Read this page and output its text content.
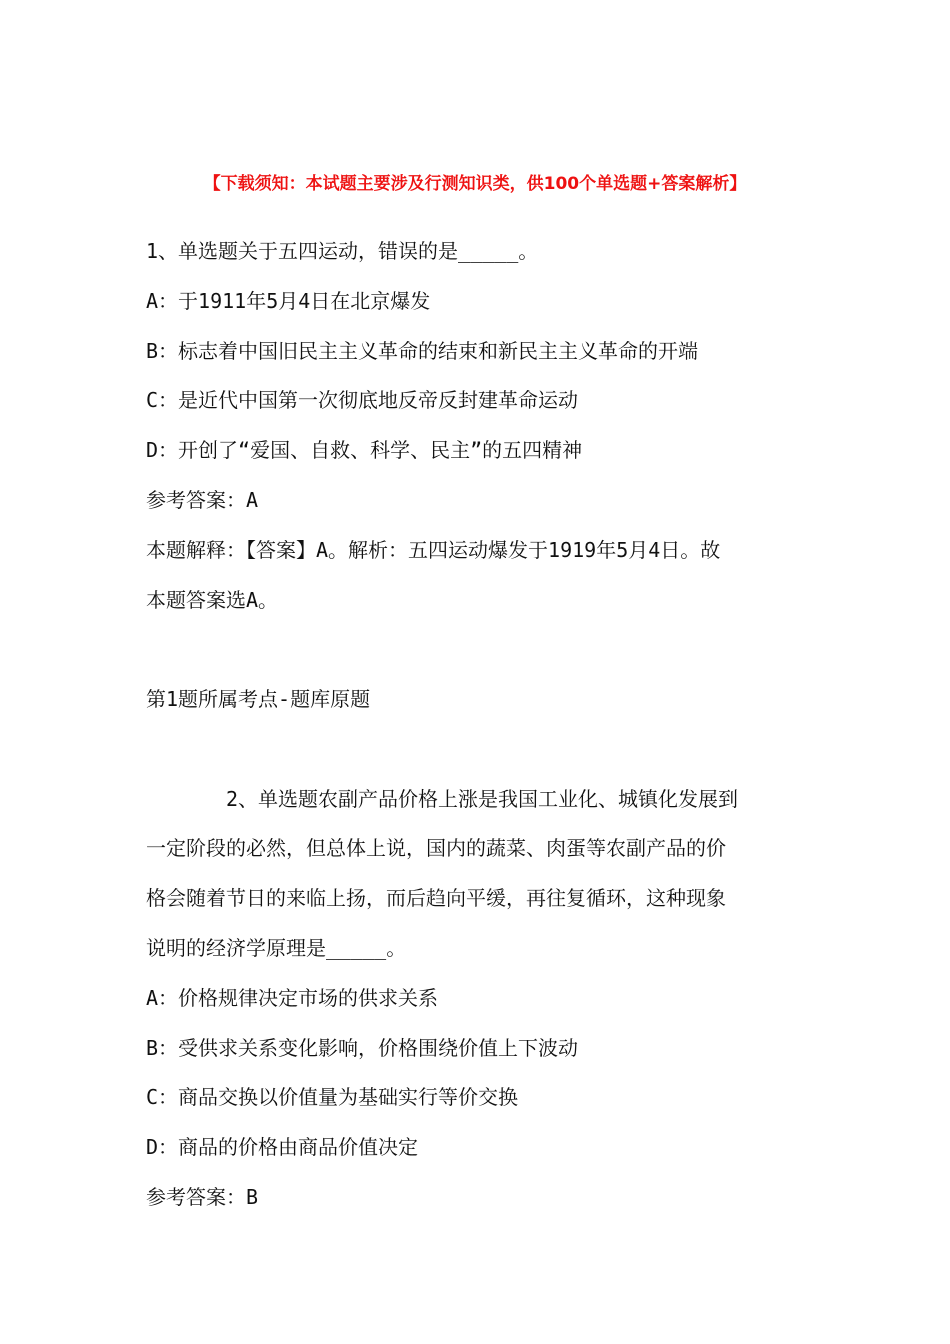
【下载须知：本试题主要涉及行测知识类，供100个单选题+答案解析】
1、单选题关于五四运动，错误的是_____。
A：于1911年5月4日在北京爆发
B：标志着中国旧民主主义革命的结束和新民主主义革命的开端
C：是近代中国第一次彻底地反帝反封建革命运动
D：开创了“爱国、自救、科学、民主”的五四精神
参考答案：A
本题解释：【答案】A。解析：五四运动爆发于1919年5月4日。故
本题答案选A。
第1题所属考点-题库原题
2、单选题农副产品价格上涨是我国工业化、城镇化发展到
一定阶段的必然，但总体上说，国内的蔬菜、肉蛋等农副产品的价
格会随着节日的来临上扬，而后趋向平缓，再往复循环，这种现象
说明的经济学原理是_____。
A：价格规律决定市场的供求关系
B：受供求关系变化影响，价格围绕价值上下波动
C：商品交换以价值量为基础实行等价交换
D：商品的价格由商品价值决定
参考答案：B
